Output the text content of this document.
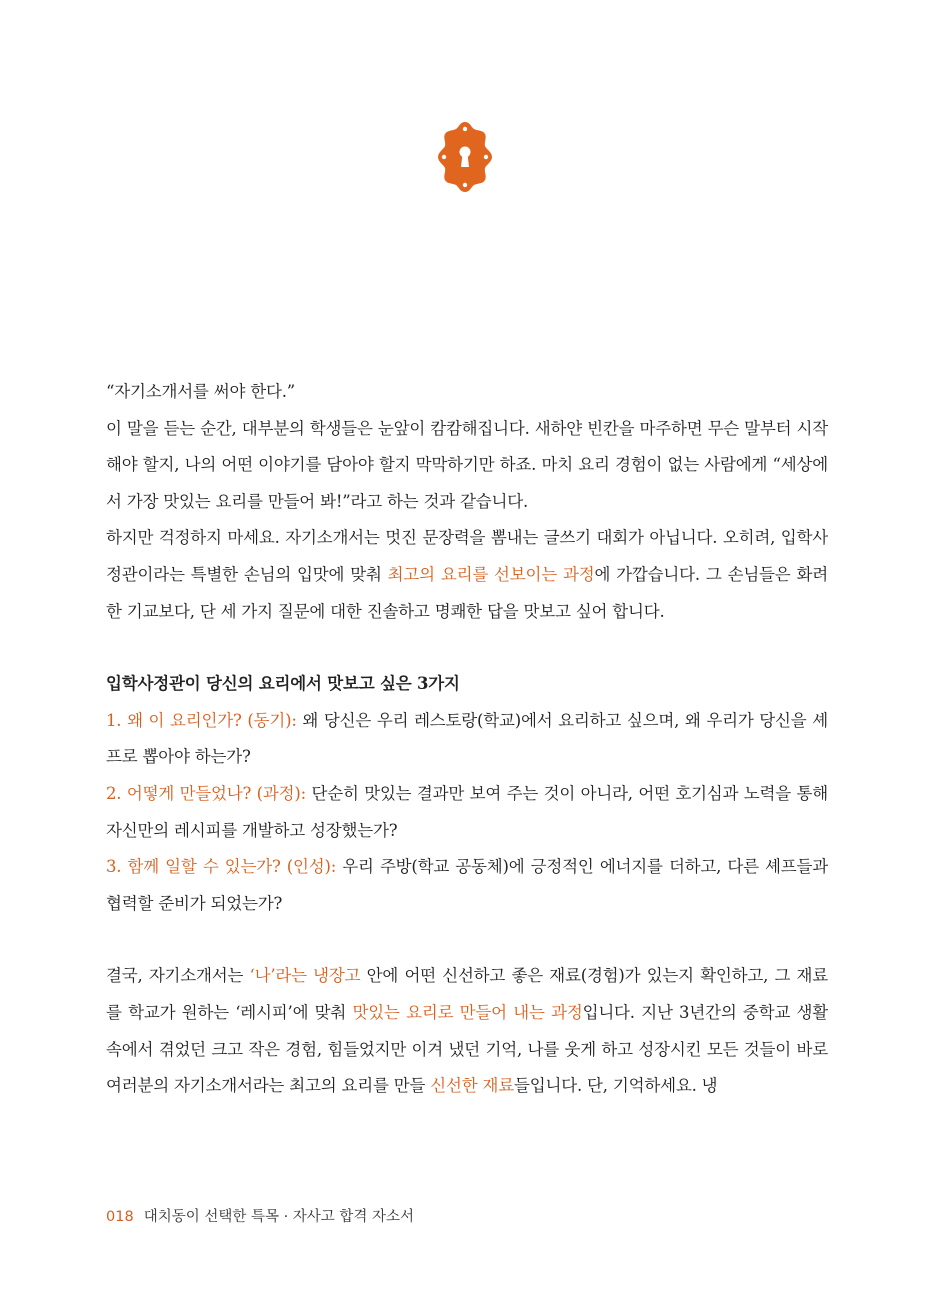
“자기소개서를 써야 한다.”

이 말을 듣는 순간, 대부분의 학생들은 눈앞이 캄캄해집니다. 새하얀 빈칸을 마주하면 무슨 말부터 시작해야 할지, 나의 어떤 이야기를 담아야 할지 막막하기만 하죠. 마치 요리 경험이 없는 사람에게 “세상에서 가장 맛있는 요리를 만들어 봐!”라고 하는 것과 같습니다.

하지만 걱정하지 마세요. 자기소개서는 멋진 문장력을 뽐내는 글쓰기 대회가 아닙니다. 오히려, 입학사정관이라는 특별한 손님의 입맛에 맞춰 최고의 요리를 선보이는 과정에 가깝습니다. 그 손님들은 화려한 기교보다, 단 세 가지 질문에 대한 진솔하고 명쾌한 답을 맛보고 싶어 합니다.

입학사정관이 당신의 요리에서 맛보고 싶은 3가지

1. 왜 이 요리인가? (동기): 왜 당신은 우리 레스토랑(학교)에서 요리하고 싶으며, 왜 우리가 당신을 셰프로 뽑아야 하는가?

2. 어떻게 만들었나? (과정): 단순히 맛있는 결과만 보여 주는 것이 아니라, 어떤 호기심과 노력을 통해 자신만의 레시피를 개발하고 성장했는가?

3. 함께 일할 수 있는가? (인성): 우리 주방(학교 공동체)에 긍정적인 에너지를 더하고, 다른 셰프들과 협력할 준비가 되었는가?

결국, 자기소개서는 ‘나’라는 냉장고 안에 어떤 신선하고 좋은 재료(경험)가 있는지 확인하고, 그 재료를 학교가 원하는 ‘레시피’에 맞춰 맛있는 요리로 만들어 내는 과정입니다. 지난 3년간의 중학교 생활 속에서 겪었던 크고 작은 경험, 힘들었지만 이겨 냈던 기억, 나를 웃게 하고 성장시킨 모든 것들이 바로 여러분의 자기소개서라는 최고의 요리를 만들 신선한 재료들입니다. 단, 기억하세요. 냉

018 대치동이 선택한 특목 · 자사고 합격 자소서
